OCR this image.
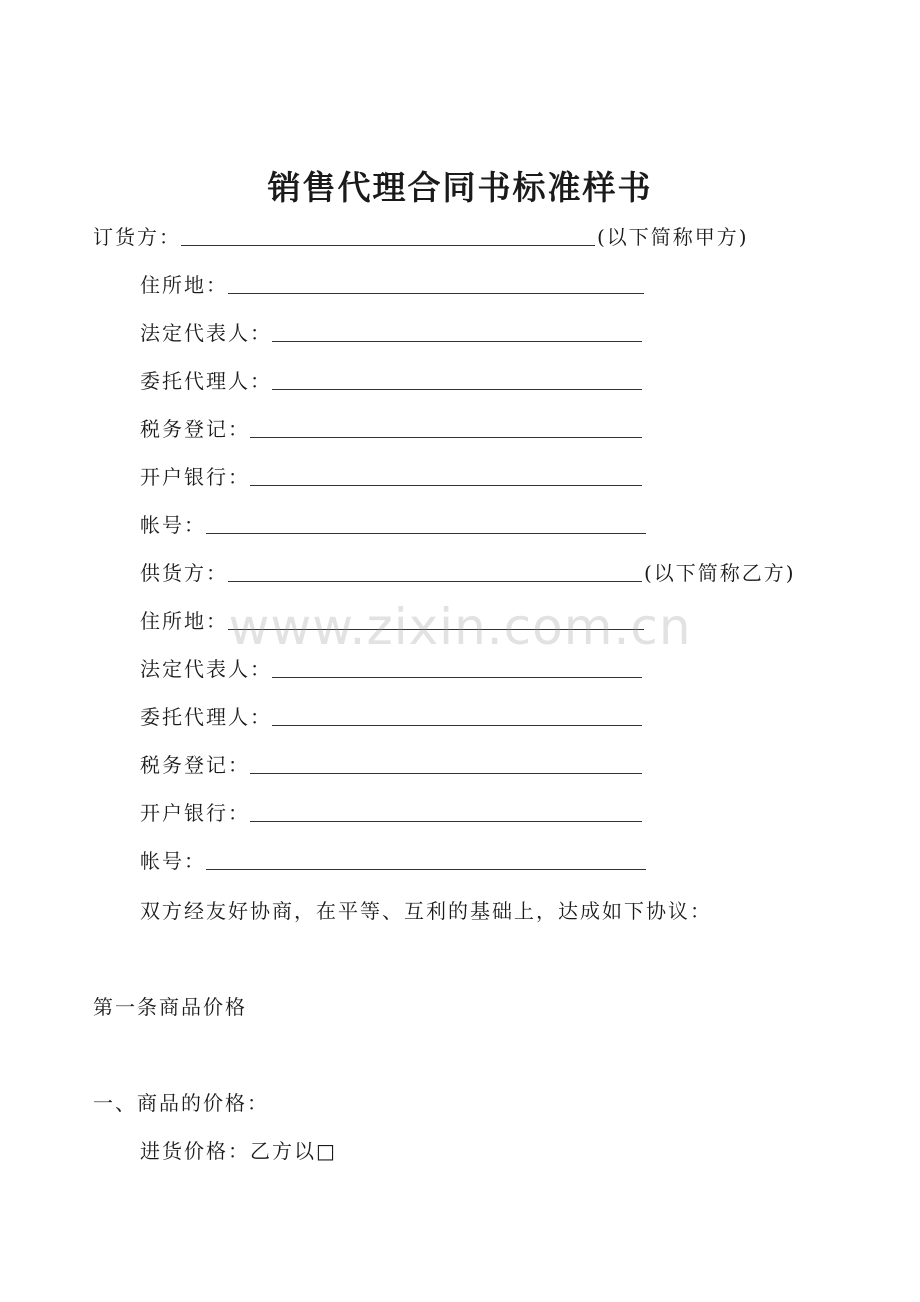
销售代理合同书标准样书
订货方：	(以下简称甲方)
住所地：
法定代表人：
委托代理人：
税务登记：
开户银行：
帐号：
供货方：	(以下简称乙方)
住所地：
法定代表人：
委托代理人：
税务登记：
开户银行：
帐号：
双方经友好协商，在平等、互利的基础上，达成如下协议：
第一条商品价格
一、商品的价格：
进货价格：乙方以□
www.zixin.com.cn
